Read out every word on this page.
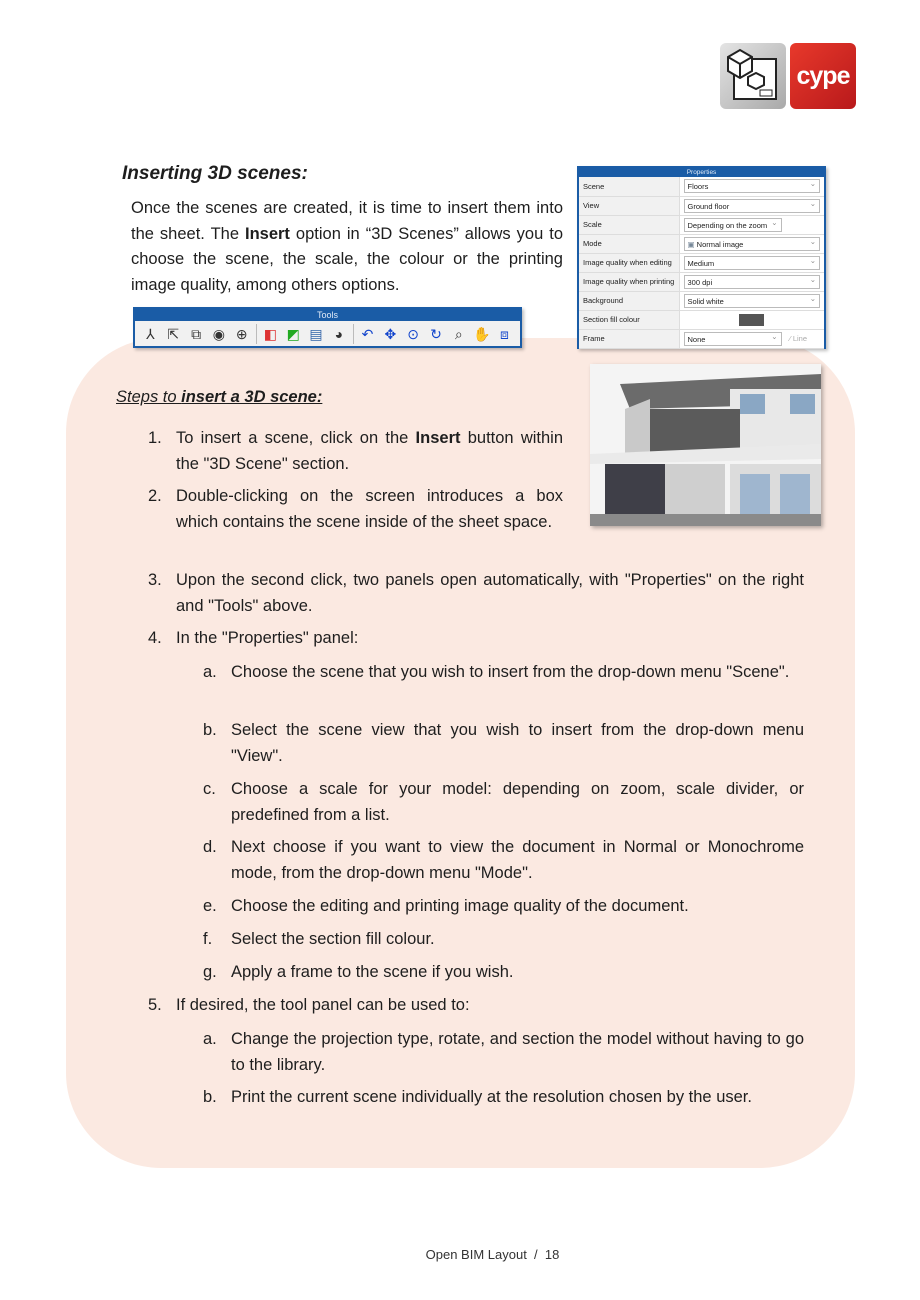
cype
Inserting 3D scenes:
Once the scenes are created, it is time to insert them into the sheet. The Insert option in “3D Scenes” allows you to choose the scene, the scale, the colour or the printing image quality, among others options.
Tools
⅄ ⇱ ⧉ ◉ ⊕ ◧ ◩ ▤ ◕	↶ ✥ ⊙ ↻ ⌕ ✋ ⧈
Properties
Scene	Floors ⌄

View	Ground floor ⌄

Scale	Depending on the zoom ⌄

Mode	▣ Normal image ⌄

Image quality when editing	Medium ⌄

Image quality when printing	300 dpi ⌄

Background	Solid white ⌄

Section fill colour	

Frame	None ⌄ ⁄ Line
Steps to insert a 3D scene:
1. To insert a scene, click on the Insert button within the "3D Scene" section.
2. Double-clicking on the screen introduces a box which contains the scene inside of the sheet space.
3. Upon the second click, two panels open automatically, with "Properties" on the right and "Tools" above.
4. In the "Properties" panel:
a. Choose the scene that you wish to insert from the drop-down menu "Scene".
b. Select the scene view that you wish to insert from the drop-down menu "View".
c. Choose a scale for your model: depending on zoom, scale divider, or predefined from a list.
d. Next choose if you want to view the document in Normal or Monochrome mode, from the drop-down menu "Mode".
e. Choose the editing and printing image quality of the document.
f. Select the section fill colour.
g. Apply a frame to the scene if you wish.
5. If desired, the tool panel can be used to:
a. Change the projection type, rotate, and section the model without having to go to the library.
b. Print the current scene individually at the resolution chosen by the user.
Open BIM Layout  /  18
